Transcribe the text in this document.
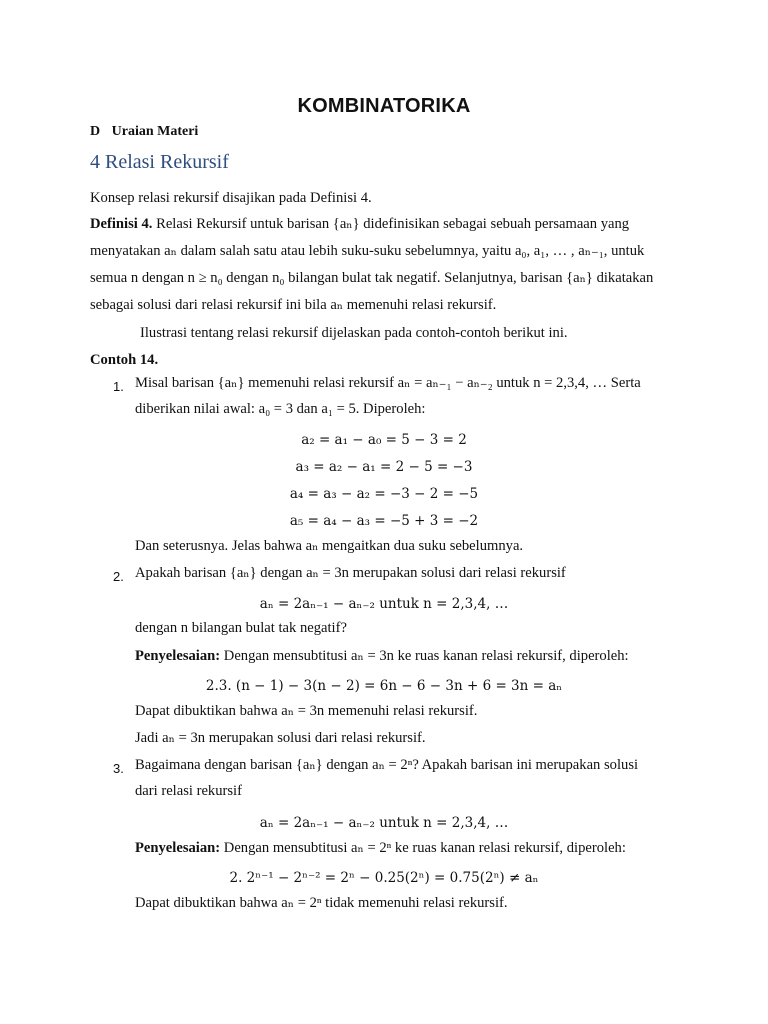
KOMBINATORIKA
D Uraian Materi
4 Relasi Rekursif
Konsep relasi rekursif disajikan pada Definisi 4.
Definisi 4. Relasi Rekursif untuk barisan {aₙ} didefinisikan sebagai sebuah persamaan yang
menyatakan aₙ dalam salah satu atau lebih suku-suku sebelumnya, yaitu a₀, a₁, … , aₙ₋₁, untuk
semua n dengan n ≥ n₀ dengan n₀ bilangan bulat tak negatif. Selanjutnya, barisan {aₙ} dikatakan
sebagai solusi dari relasi rekursif ini bila aₙ memenuhi relasi rekursif.
Ilustrasi tentang relasi rekursif dijelaskan pada contoh-contoh berikut ini.
Contoh 14.
1. Misal barisan {aₙ} memenuhi relasi rekursif aₙ = aₙ₋₁ − aₙ₋₂ untuk n = 2,3,4, … Serta
diberikan nilai awal: a₀ = 3 dan a₁ = 5. Diperoleh:
a₂ = a₁ − a₀ = 5 − 3 = 2
a₃ = a₂ − a₁ = 2 − 5 = −3
a₄ = a₃ − a₂ = −3 − 2 = −5
a₅ = a₄ − a₃ = −5 + 3 = −2
Dan seterusnya. Jelas bahwa aₙ mengaitkan dua suku sebelumnya.
2. Apakah barisan {aₙ} dengan aₙ = 3n merupakan solusi dari relasi rekursif
aₙ = 2aₙ₋₁ − aₙ₋₂ untuk n = 2,3,4, …
dengan n bilangan bulat tak negatif?
Penyelesaian: Dengan mensubtitusi aₙ = 3n ke ruas kanan relasi rekursif, diperoleh:
2.3. (n − 1) − 3(n − 2) = 6n − 6 − 3n + 6 = 3n = aₙ
Dapat dibuktikan bahwa aₙ = 3n memenuhi relasi rekursif.
Jadi aₙ = 3n merupakan solusi dari relasi rekursif.
3. Bagaimana dengan barisan {aₙ} dengan aₙ = 2ⁿ? Apakah barisan ini merupakan solusi
dari relasi rekursif
aₙ = 2aₙ₋₁ − aₙ₋₂ untuk n = 2,3,4, …
Penyelesaian: Dengan mensubtitusi aₙ = 2ⁿ ke ruas kanan relasi rekursif, diperoleh:
2. 2ⁿ⁻¹ − 2ⁿ⁻² = 2ⁿ − 0.25(2ⁿ) = 0.75(2ⁿ) ≠ aₙ
Dapat dibuktikan bahwa aₙ = 2ⁿ tidak memenuhi relasi rekursif.
